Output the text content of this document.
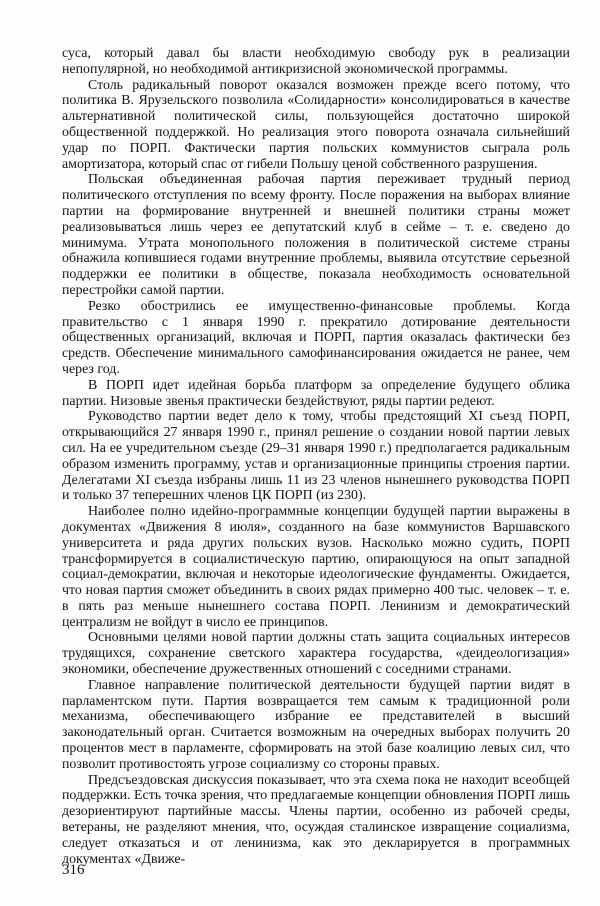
суса, который давал бы власти необходимую свободу рук в реализации непопулярной, но необходимой антикризисной экономической программы.

Столь радикальный поворот оказался возможен прежде всего потому, что политика В. Ярузельского позволила «Солидарности» консолидироваться в качестве альтернативной политической силы, пользующейся достаточно широкой общественной поддержкой. Но реализация этого поворота означала сильнейший удар по ПОРП. Фактически партия польских коммунистов сыграла роль амортизатора, который спас от гибели Польшу ценой собственного разрушения.

Польская объединенная рабочая партия переживает трудный период политического отступления по всему фронту. После поражения на выборах влияние партии на формирование внутренней и внешней политики страны может реализовываться лишь через ее депутатский клуб в сейме – т. е. сведено до минимума. Утрата монопольного положения в политической системе страны обнажила копившиеся годами внутренние проблемы, выявила отсутствие серьезной поддержки ее политики в обществе, показала необходимость основательной перестройки самой партии.

Резко обострились ее имущественно-финансовые проблемы. Когда правительство с 1 января 1990 г. прекратило дотирование деятельности общественных организаций, включая и ПОРП, партия оказалась фактически без средств. Обеспечение минимального самофинансирования ожидается не ранее, чем через год.

В ПОРП идет идейная борьба платформ за определение будущего облика партии. Низовые звенья практически бездействуют, ряды партии редеют.

Руководство партии ведет дело к тому, чтобы предстоящий XI съезд ПОРП, открывающийся 27 января 1990 г., принял решение о создании новой партии левых сил. На ее учредительном съезде (29–31 января 1990 г.) предполагается радикальным образом изменить программу, устав и организационные принципы строения партии. Делегатами XI съезда избраны лишь 11 из 23 членов нынешнего руководства ПОРП и только 37 теперешних членов ЦК ПОРП (из 230).

Наиболее полно идейно-программные концепции будущей партии выражены в документах «Движения 8 июля», созданного на базе коммунистов Варшавского университета и ряда других польских вузов. Насколько можно судить, ПОРП трансформируется в социалистическую партию, опирающуюся на опыт западной социал-демократии, включая и некоторые идеологические фундаменты. Ожидается, что новая партия сможет объединить в своих рядах примерно 400 тыс. человек – т. е. в пять раз меньше нынешнего состава ПОРП. Ленинизм и демократический централизм не войдут в число ее принципов.

Основными целями новой партии должны стать защита социальных интересов трудящихся, сохранение светского характера государства, «деидеологизация» экономики, обеспечение дружественных отношений с соседними странами.

Главное направление политической деятельности будущей партии видят в парламентском пути. Партия возвращается тем самым к традиционной роли механизма, обеспечивающего избрание ее представителей в высший законодательный орган. Считается возможным на очередных выборах получить 20 процентов мест в парламенте, сформировать на этой базе коалицию левых сил, что позволит противостоять угрозе социализму со стороны правых.

Предсъездовская дискуссия показывает, что эта схема пока не находит всеобщей поддержки. Есть точка зрения, что предлагаемые концепции обновления ПОРП лишь дезориентируют партийные массы. Члены партии, особенно из рабочей среды, ветераны, не разделяют мнения, что, осуждая сталинское извращение социализма, следует отказаться и от ленинизма, как это декларируется в программных документах «Движе-

316
